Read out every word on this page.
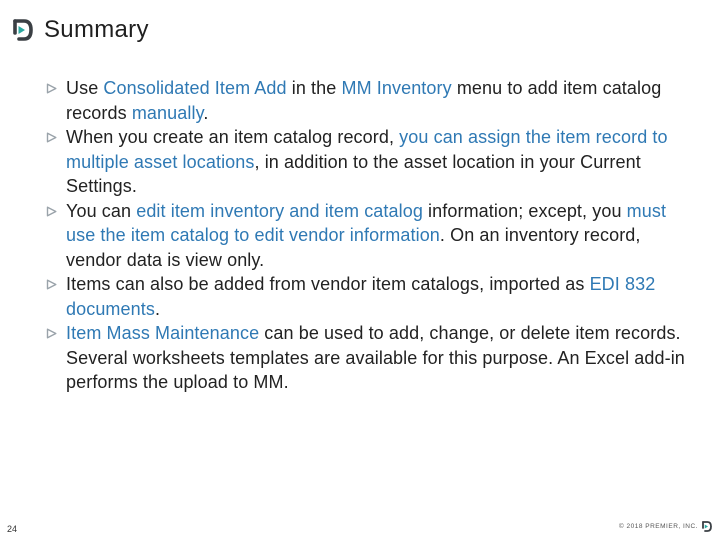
Summary
Use Consolidated Item Add in the MM Inventory menu to add item catalog records manually.
When you create an item catalog record, you can assign the item record to multiple asset locations, in addition to the asset location in your Current Settings.
You can edit item inventory and item catalog information; except, you must use the item catalog to edit vendor information. On an inventory record, vendor data is view only.
Items can also be added from vendor item catalogs, imported as EDI 832 documents.
Item Mass Maintenance can be used to add, change, or delete item records. Several worksheets templates are available for this purpose. An Excel add-in performs the upload to MM.
24	© 2018 PREMIER, INC.
